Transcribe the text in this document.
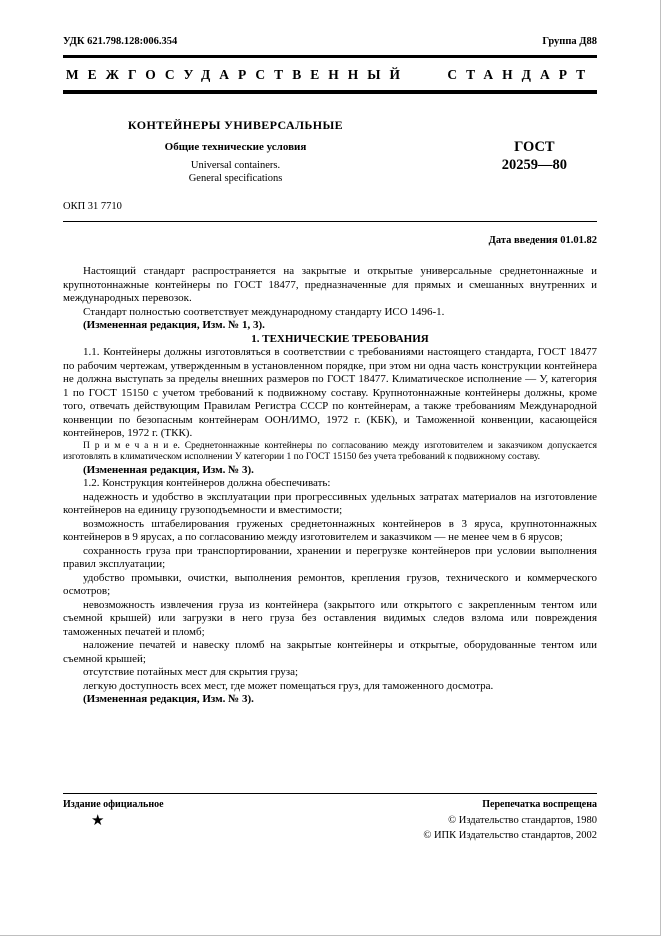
УДК 621.798.128:006.354	Группа Д88
МЕЖГОСУДАРСТВЕННЫЙ СТАНДАРТ
КОНТЕЙНЕРЫ УНИВЕРСАЛЬНЫЕ
Общие технические условия
Universal containers.
General specifications
ГОСТ
20259—80
ОКП 31 7710
Дата введения 01.01.82

Настоящий стандарт распространяется на закрытые и открытые универсальные среднетоннажные и крупнотоннажные контейнеры по ГОСТ 18477, предназначенные для прямых и смешанных внутренних и международных перевозок.

Стандарт полностью соответствует международному стандарту ИСО 1496-1.

(Измененная редакция, Изм. № 1, 3).

1. ТЕХНИЧЕСКИЕ ТРЕБОВАНИЯ

1.1. Контейнеры должны изготовляться в соответствии с требованиями настоящего стандарта, ГОСТ 18477 по рабочим чертежам, утвержденным в установленном порядке, при этом ни одна часть конструкции контейнера не должна выступать за пределы внешних размеров по ГОСТ 18477. Климатическое исполнение — У, категория 1 по ГОСТ 15150 с учетом требований к подвижному составу. Крупнотоннажные контейнеры должны, кроме того, отвечать действующим Правилам Регистра СССР по контейнерам, а также требованиям Международной конвенции по безопасным контейнерам ООН/ИМО, 1972 г. (КБК), и Таможенной конвенции, касающейся контейнеров, 1972 г. (ТКК).

П р и м е ч а н и е. Среднетоннажные контейнеры по согласованию между изготовителем и заказчиком допускается изготовлять в климатическом исполнении У категории 1 по ГОСТ 15150 без учета требований к подвижному составу.

(Измененная редакция, Изм. № 3).

1.2. Конструкция контейнеров должна обеспечивать:

надежность и удобство в эксплуатации при прогрессивных удельных затратах материалов на изготовление контейнеров на единицу грузоподъемности и вместимости;

возможность штабелирования груженых среднетоннажных контейнеров в 3 яруса, крупнотоннажных контейнеров в 9 ярусах, а по согласованию между изготовителем и заказчиком — не менее чем в 6 ярусов;

сохранность груза при транспортировании, хранении и перегрузке контейнеров при условии выполнения правил эксплуатации;

удобство промывки, очистки, выполнения ремонтов, крепления грузов, технического и коммерческого осмотров;

невозможность извлечения груза из контейнера (закрытого или открытого с закрепленным тентом или съемной крышей) или загрузки в него груза без оставления видимых следов взлома или повреждения таможенных печатей и пломб;

наложение печатей и навеску пломб на закрытые контейнеры и открытые, оборудованные тентом или съемной крышей;

отсутствие потайных мест для скрытия груза;

легкую доступность всех мест, где может помещаться груз, для таможенного досмотра.

(Измененная редакция, Изм. № 3).

Издание официальное	Перепечатка воспрещена
★	© Издательство стандартов, 1980
© ИПК Издательство стандартов, 2002
